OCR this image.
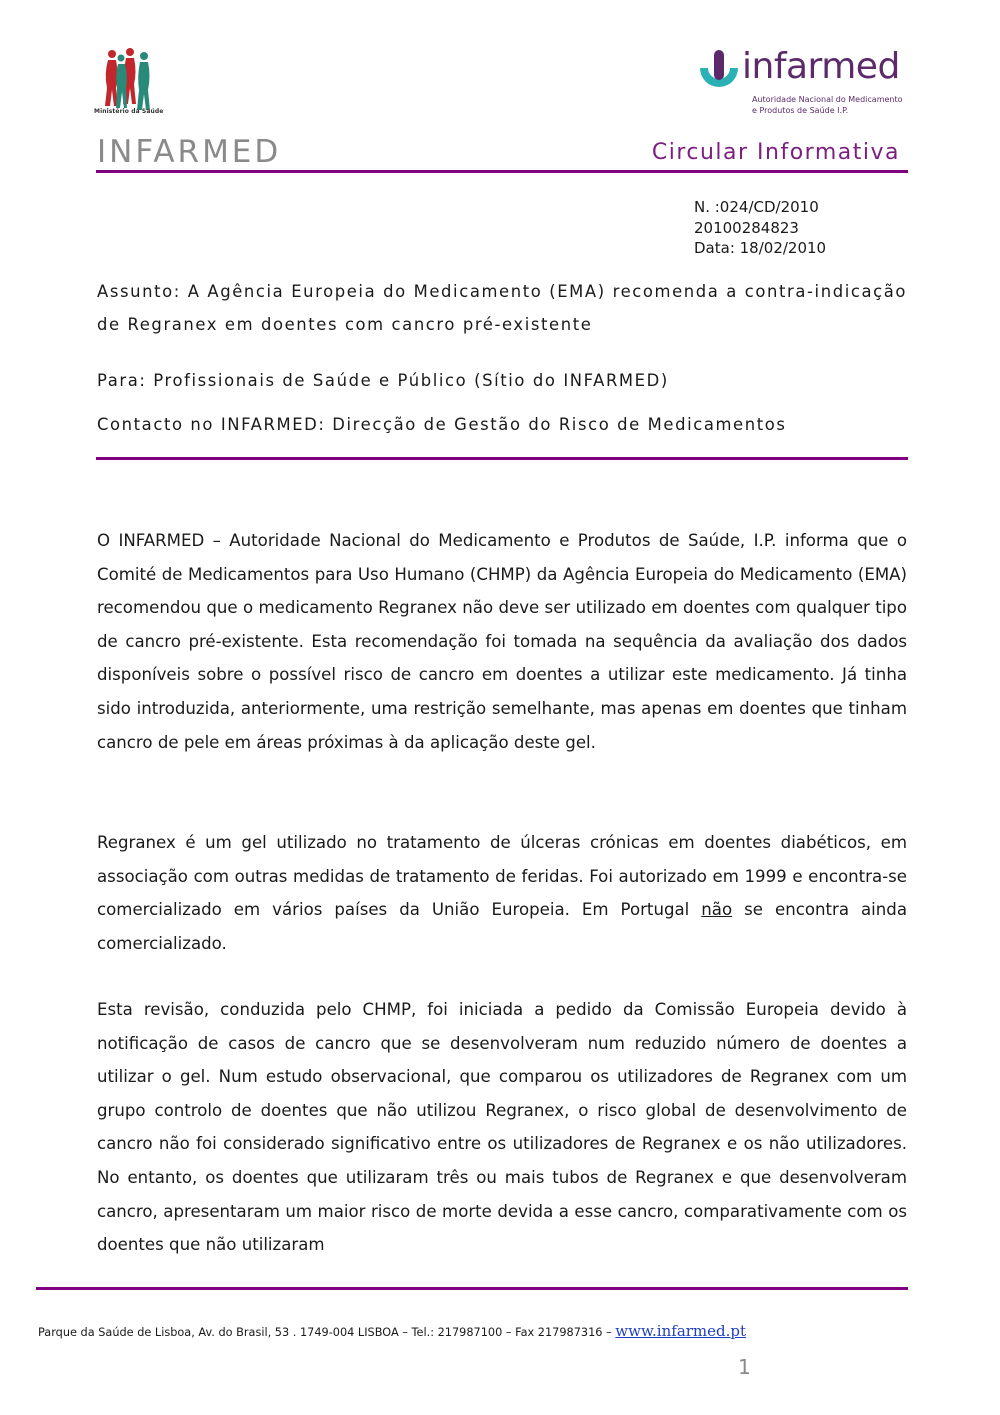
Ministério da Saúde
infarmed
Autoridade Nacional do Medicamento
e Produtos de Saúde I.P.
INFARMED	Circular Informativa
N. :024/CD/2010
20100284823
Data: 18/02/2010
Assunto: A Agência Europeia do Medicamento (EMA) recomenda a contra-indicação de Regranex em doentes com cancro pré-existente
Para: Profissionais de Saúde e Público (Sítio do INFARMED)
Contacto no INFARMED: Direcção de Gestão do Risco de Medicamentos
O INFARMED – Autoridade Nacional do Medicamento e Produtos de Saúde, I.P. informa que o Comité de Medicamentos para Uso Humano (CHMP) da Agência Europeia do Medicamento (EMA) recomendou que o medicamento Regranex não deve ser utilizado em doentes com qualquer tipo de cancro pré-existente. Esta recomendação foi tomada na sequência da avaliação dos dados disponíveis sobre o possível risco de cancro em doentes a utilizar este medicamento. Já tinha sido introduzida, anteriormente, uma restrição semelhante, mas apenas em doentes que tinham cancro de pele em áreas próximas à da aplicação deste gel.
Regranex é um gel utilizado no tratamento de úlceras crónicas em doentes diabéticos, em associação com outras medidas de tratamento de feridas. Foi autorizado em 1999 e encontra-se comercializado em vários países da União Europeia. Em Portugal não se encontra ainda comercializado.
Esta revisão, conduzida pelo CHMP, foi iniciada a pedido da Comissão Europeia devido à notificação de casos de cancro que se desenvolveram num reduzido número de doentes a utilizar o gel. Num estudo observacional, que comparou os utilizadores de Regranex com um grupo controlo de doentes que não utilizou Regranex, o risco global de desenvolvimento de cancro não foi considerado significativo entre os utilizadores de Regranex e os não utilizadores. No entanto, os doentes que utilizaram três ou mais tubos de Regranex e que desenvolveram cancro, apresentaram um maior risco de morte devida a esse cancro, comparativamente com os doentes que não utilizaram
Parque da Saúde de Lisboa, Av. do Brasil, 53 . 1749-004 LISBOA – Tel.: 217987100 – Fax 217987316 – www.infarmed.pt
1
